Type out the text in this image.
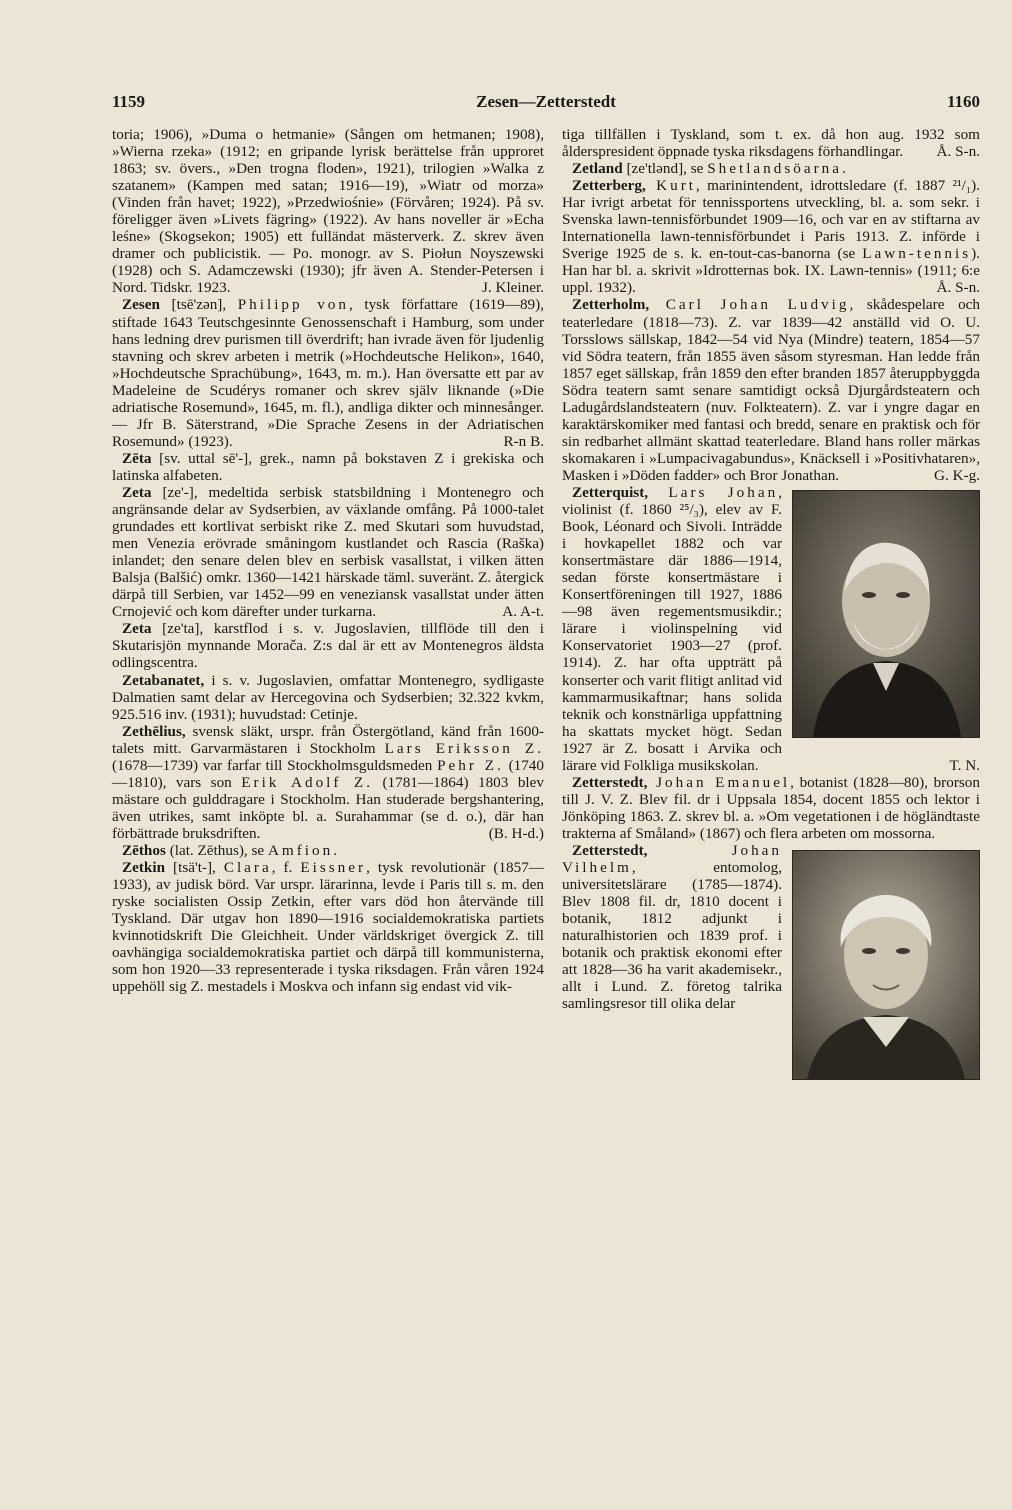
1159	Zesen—Zetterstedt	1160

toria; 1906), »Duma o hetmanie» (Sången om hetmanen; 1908), »Wierna rzeka» (1912; en gripande lyrisk berättelse från upproret 1863; sv. övers., »Den trogna floden», 1921), trilogien »Walka z szatanem» (Kampen med satan; 1916—19), »Wiatr od morza» (Vinden från havet; 1922), »Przedwiośnie» (Förvåren; 1924). På sv. föreligger även »Livets fägring» (1922). Av hans noveller är »Echa leśne» (Skogsekon; 1905) ett fulländat mästerverk. Z. skrev även dramer och publicistik. — Po. monogr. av S. Piołun Noyszewski (1928) och S. Adamczewski (1930); jfr även A. Stender-Petersen i Nord. Tidskr. 1923.	J. Kleiner.

Zesen [tsē'zən], Philipp von, tysk författare (1619—89), stiftade 1643 Teutschgesinnte Genossenschaft i Hamburg, som under hans ledning drev purismen till överdrift; han ivrade även för ljudenlig stavning och skrev arbeten i metrik (»Hochdeutsche Helikon», 1640, »Hochdeutsche Sprachübung», 1643, m. m.). Han översatte ett par av Madeleine de Scudérys romaner och skrev själv liknande (»Die adriatische Rosemund», 1645, m. fl.), andliga dikter och minnesånger. — Jfr B. Säterstrand, »Die Sprache Zesens in der Adriatischen Rosemund» (1923).	R-n B.

Zēta [sv. uttal sē'-], grek., namn på bokstaven Z i grekiska och latinska alfabeten.

Zeta [ze'-], medeltida serbisk statsbildning i Montenegro och angränsande delar av Sydserbien, av växlande omfång. På 1000-talet grundades ett kortlivat serbiskt rike Z. med Skutari som huvudstad, men Venezia erövrade småningom kustlandet och Rascia (Raška) inlandet; den senare delen blev en serbisk vasallstat, i vilken ätten Balsja (Balšić) omkr. 1360—1421 härskade täml. suveränt. Z. återgick därpå till Serbien, var 1452—99 en veneziansk vasallstat under ätten Crnojević och kom därefter under turkarna.	A. A-t.

Zeta [ze'ta], karstflod i s. v. Jugoslavien, tillflöde till den i Skutarisjön mynnande Morača. Z:s dal är ett av Montenegros äldsta odlingscentra.

Zetabanatet, i s. v. Jugoslavien, omfattar Montenegro, sydligaste Dalmatien samt delar av Hercegovina och Sydserbien; 32.322 kvkm, 925.516 inv. (1931); huvudstad: Cetinje.

Zethēlius, svensk släkt, urspr. från Östergötland, känd från 1600-talets mitt. Garvarmästaren i Stockholm Lars Eriksson Z. (1678—1739) var farfar till Stockholmsguldsmeden Pehr Z. (1740—1810), vars son Erik Adolf Z. (1781—1864) 1803 blev mästare och gulddragare i Stockholm. Han studerade bergshantering, även utrikes, samt inköpte bl. a. Surahammar (se d. o.), där han förbättrade bruksdriften.	(B. H-d.)

Zēthos (lat. Zēthus), se Amfion.

Zetkin [tsä't-], Clara, f. Eissner, tysk revolutionär (1857—1933), av judisk börd. Var urspr. lärarinna, levde i Paris till s. m. den ryske socialisten Ossip Zetkin, efter vars död hon återvände till Tyskland. Där utgav hon 1890—1916 socialdemokratiska partiets kvinnotidskrift Die Gleichheit. Under världskriget övergick Z. till oavhängiga socialdemokratiska partiet och därpå till kommunisterna, som hon 1920—33 representerade i tyska riksdagen. Från våren 1924 uppehöll sig Z. mestadels i Moskva och infann sig endast vid vik-

tiga tillfällen i Tyskland, som t. ex. då hon aug. 1932 som ålderspresident öppnade tyska riksdagens förhandlingar. Å. S-n.

Zetland [ze'tlənd], se Shetlandsöarna.

Zetterberg, Kurt, marinintendent, idrottsledare (f. 1887 ²¹/₁). Har ivrigt arbetat för tennissportens utveckling, bl. a. som sekr. i Svenska lawn-tennisförbundet 1909—16, och var en av stiftarna av Internationella lawn-tennisförbundet i Paris 1913. Z. införde i Sverige 1925 de s. k. en-tout-cas-banorna (se Lawn-tennis). Han har bl. a. skrivit »Idrotternas bok. IX. Lawn-tennis» (1911; 6:e uppl. 1932).	Å. S-n.

Zetterholm, Carl Johan Ludvig, skådespelare och teaterledare (1818—73). Z. var 1839—42 anställd vid O. U. Torsslows sällskap, 1842—54 vid Nya (Mindre) teatern, 1854—57 vid Södra teatern, från 1855 även såsom styresman. Han ledde från 1857 eget sällskap, från 1859 den efter branden 1857 återuppbyggda Södra teatern samt senare samtidigt också Djurgårdsteatern och Ladugårdslandsteatern (nuv. Folkteatern). Z. var i yngre dagar en karaktärskomiker med fantasi och bredd, senare en praktisk och för sin redbarhet allmänt skattad teaterledare. Bland hans roller märkas skomakaren i »Lumpacivagabundus», Knäcksell i »Positivhataren», Masken i »Döden fadder» och Bror Jonathan.	G. K-g.

Zetterquist, Lars Johan, violinist (f. 1860 ²⁵/₃), elev av F. Book, Léonard och Sivoli. Inträdde i hovkapellet 1882 och var konsertmästare där 1886—1914, sedan förste konsertmästare i Konsertföreningen till 1927, 1886—98 även regementsmusikdir.; lärare i violinspelning vid Konservatoriet 1903—27 (prof. 1914). Z. har ofta uppträtt på konserter och varit flitigt anlitad vid kammarmusikaftnar; hans solida teknik och konstnärliga uppfattning ha skattats mycket högt. Sedan 1927 är Z. bosatt i Arvika och lärare vid Folkliga musikskolan.	T. N.

Zetterstedt, Johan Emanuel, botanist (1828—80), brorson till J. V. Z. Blev fil. dr i Uppsala 1854, docent 1855 och lektor i Jönköping 1863. Z. skrev bl. a. »Om vegetationen i de högländtaste trakterna af Småland» (1867) och flera arbeten om mossorna.

Zetterstedt, Johan Vilhelm, entomolog, universitetslärare (1785—1874). Blev 1808 fil. dr, 1810 docent i botanik, 1812 adjunkt i naturalhistorien och 1839 prof. i botanik och praktisk ekonomi efter att 1828—36 ha varit akademisekr., allt i Lund. Z. företog talrika samlingsresor till olika delar
